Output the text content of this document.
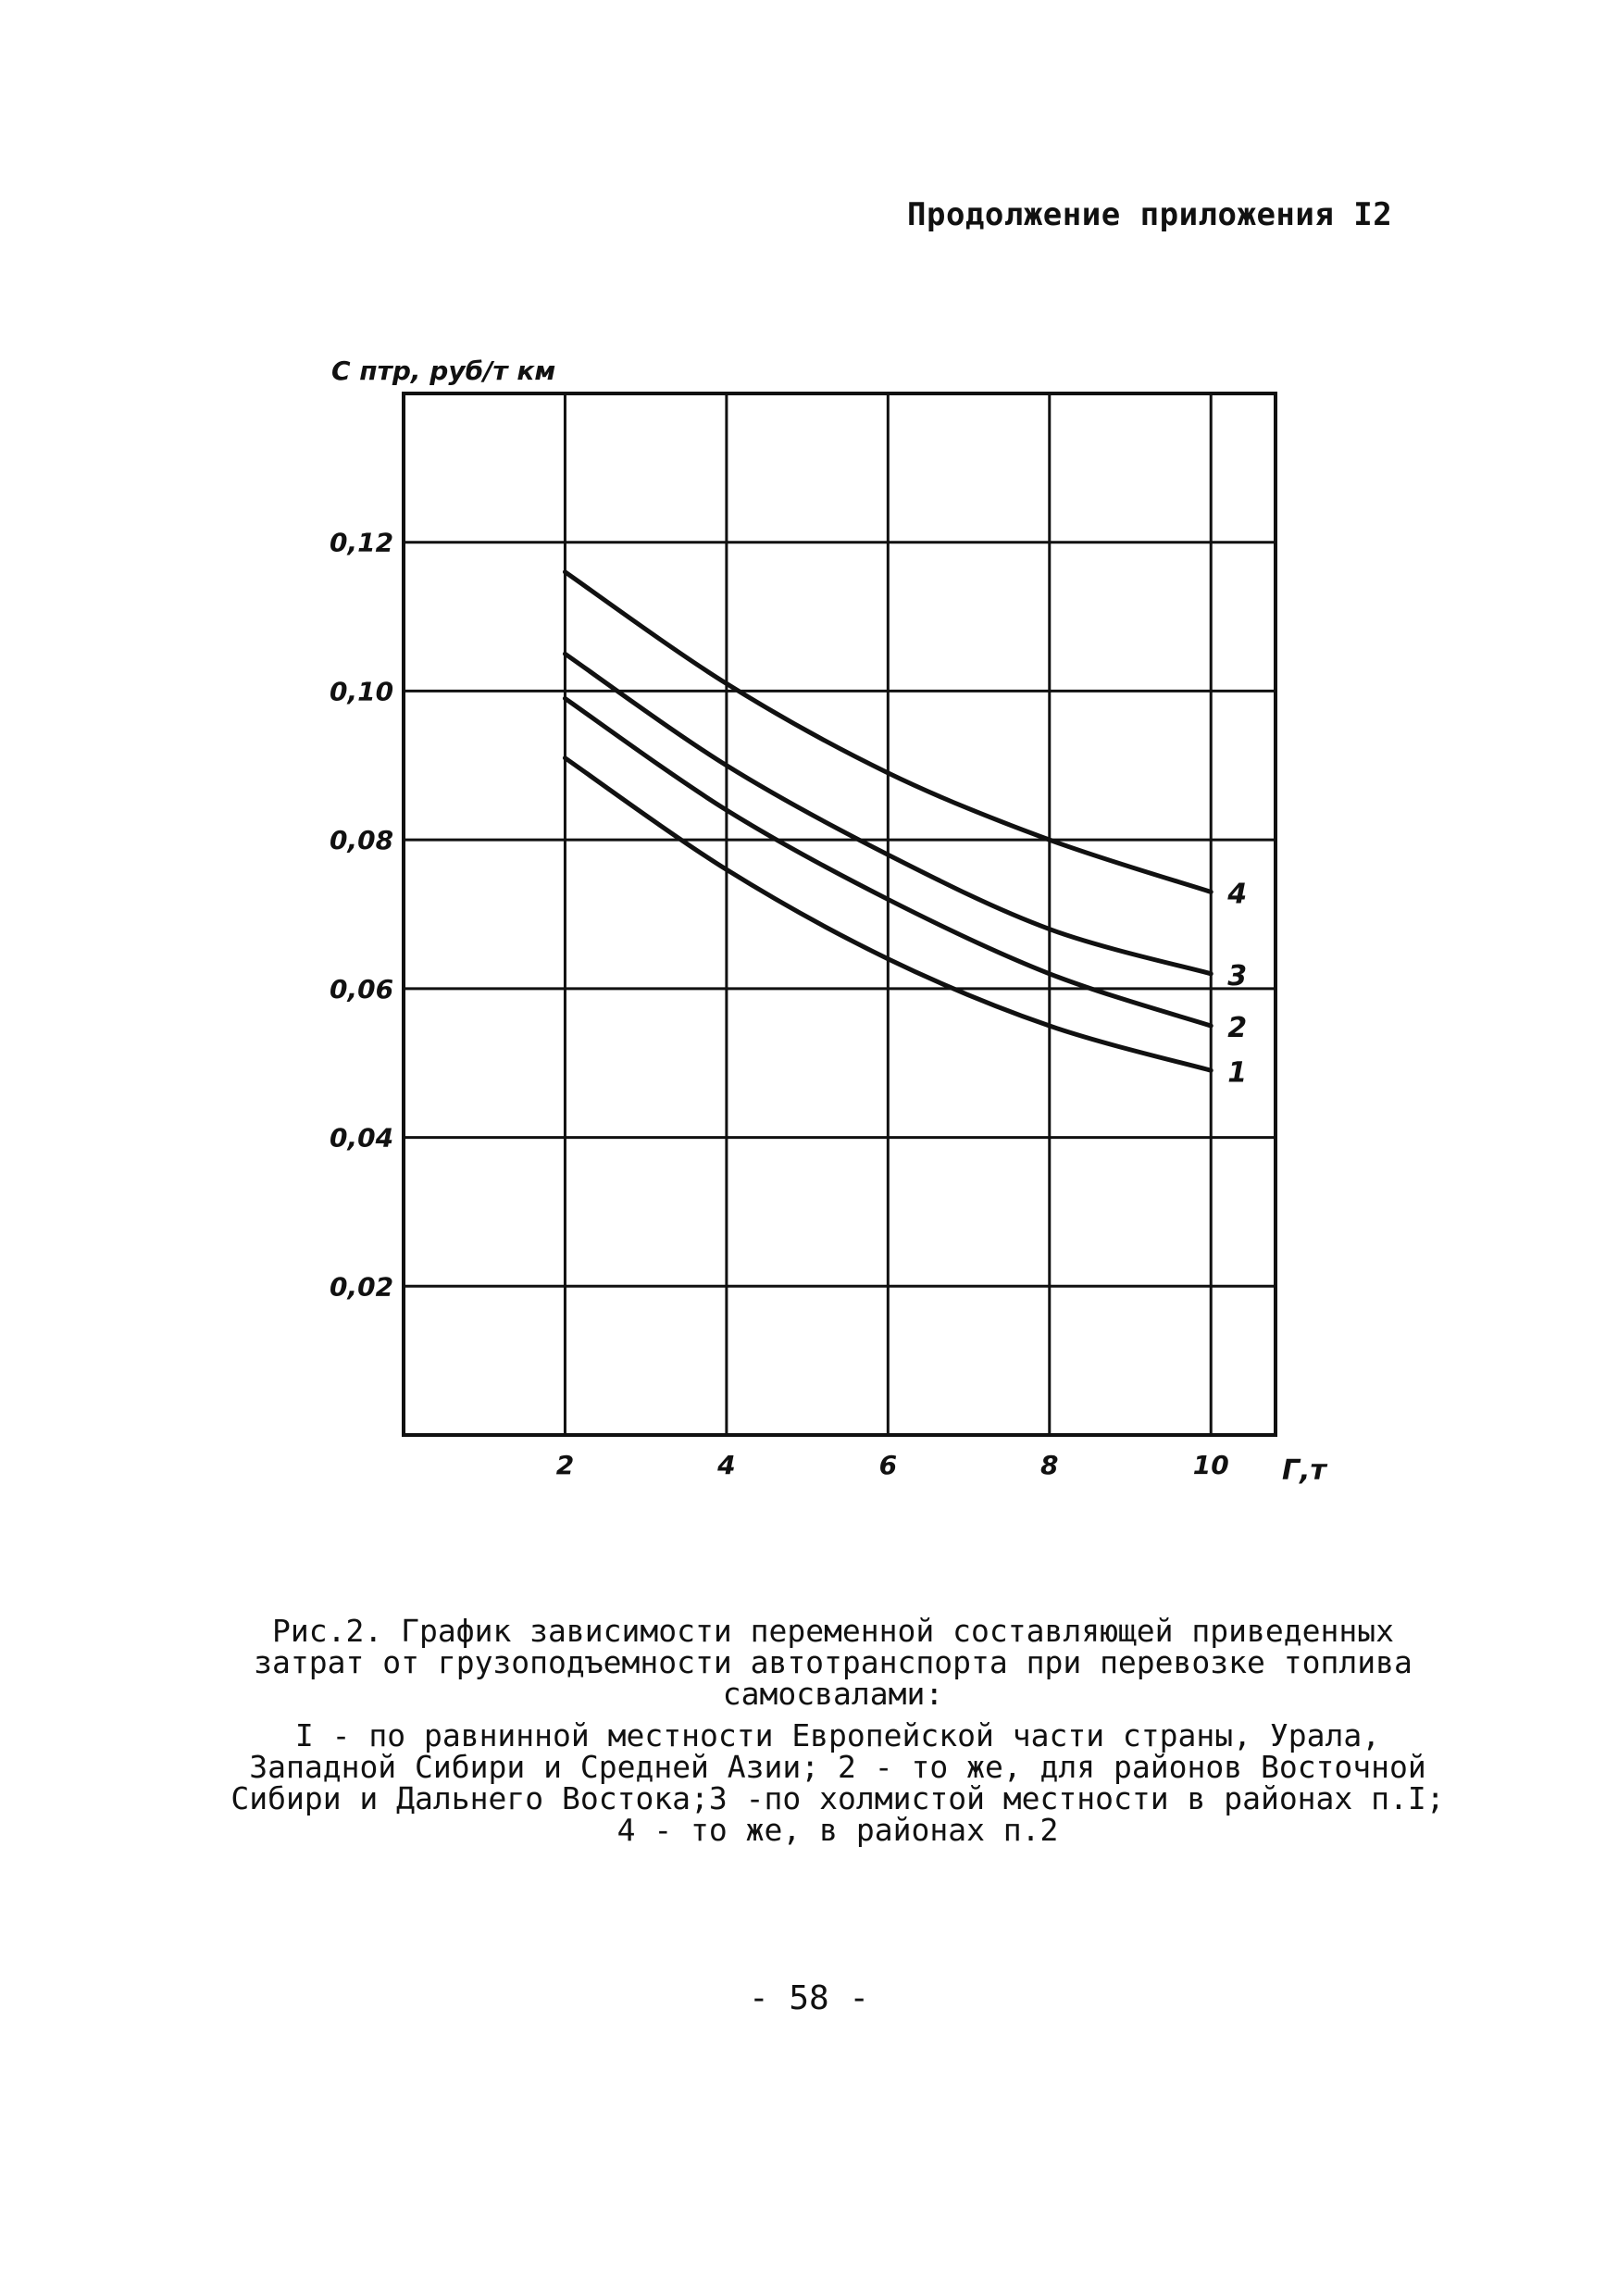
Продолжение приложения I2
С птр, руб/т км
1
2
3
4
2	4	6	8	10
0,02
0,04
0,06
0,08
0,10
0,12
Г,т
Рис.2. График зависимости переменной составляющей приведенных затрат от грузоподъемности автотранспорта при перевозке топлива самосвалами:
I - по равнинной местности Европейской части страны, Урала, Западной Сибири и Средней Азии; 2 - то же, для районов Восточной Сибири и Дальнего Востока;3 -по холмистой местности в районах п.I; 4 - то же, в районах п.2
- 58 -
